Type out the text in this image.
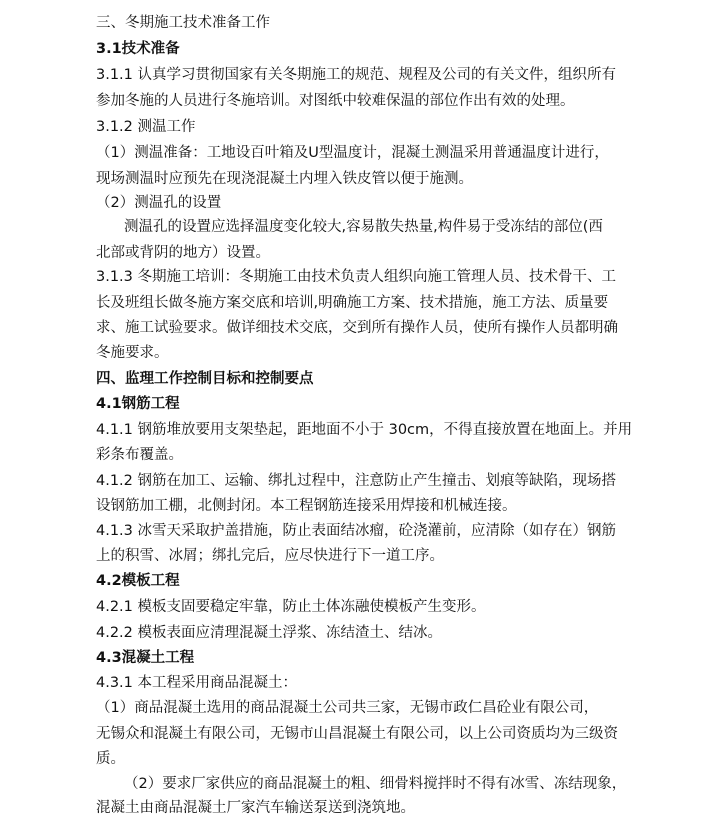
三、冬期施工技术准备工作
3.1技术准备
3.1.1 认真学习贯彻国家有关冬期施工的规范、规程及公司的有关文件，组织所有
参加冬施的人员进行冬施培训。对图纸中较难保温的部位作出有效的处理。
3.1.2 测温工作
（1）测温准备：工地设百叶箱及U型温度计，混凝土测温采用普通温度计进行，
现场测温时应预先在现浇混凝土内埋入铁皮管以便于施测。
（2）测温孔的设置
测温孔的设置应选择温度变化较大,容易散失热量,构件易于受冻结的部位(西
北部或背阴的地方）设置。
3.1.3 冬期施工培训：冬期施工由技术负责人组织向施工管理人员、技术骨干、工
长及班组长做冬施方案交底和培训,明确施工方案、技术措施，施工方法、质量要
求、施工试验要求。做详细技术交底，交到所有操作人员，使所有操作人员都明确
冬施要求。
四、监理工作控制目标和控制要点
4.1钢筋工程
4.1.1 钢筋堆放要用支架垫起，距地面不小于 30cm，不得直接放置在地面上。并用
彩条布覆盖。
4.1.2 钢筋在加工、运输、绑扎过程中，注意防止产生撞击、划痕等缺陷，现场搭
设钢筋加工棚，北侧封闭。本工程钢筋连接采用焊接和机械连接。
4.1.3 冰雪天采取护盖措施，防止表面结冰瘤，砼浇灌前，应清除（如存在）钢筋
上的积雪、冰屑；绑扎完后，应尽快进行下一道工序。
4.2模板工程
4.2.1 模板支固要稳定牢靠，防止土体冻融使模板产生变形。
4.2.2 模板表面应清理混凝土浮浆、冻结渣土、结冰。
4.3混凝土工程
4.3.1 本工程采用商品混凝土：
（1）商品混凝土选用的商品混凝土公司共三家，无锡市政仁昌砼业有限公司，
无锡众和混凝土有限公司，无锡市山昌混凝土有限公司，以上公司资质均为三级资
质。
（2）要求厂家供应的商品混凝土的粗、细骨料搅拌时不得有冰雪、冻结现象，
混凝土由商品混凝土厂家汽车输送泵送到浇筑地。
